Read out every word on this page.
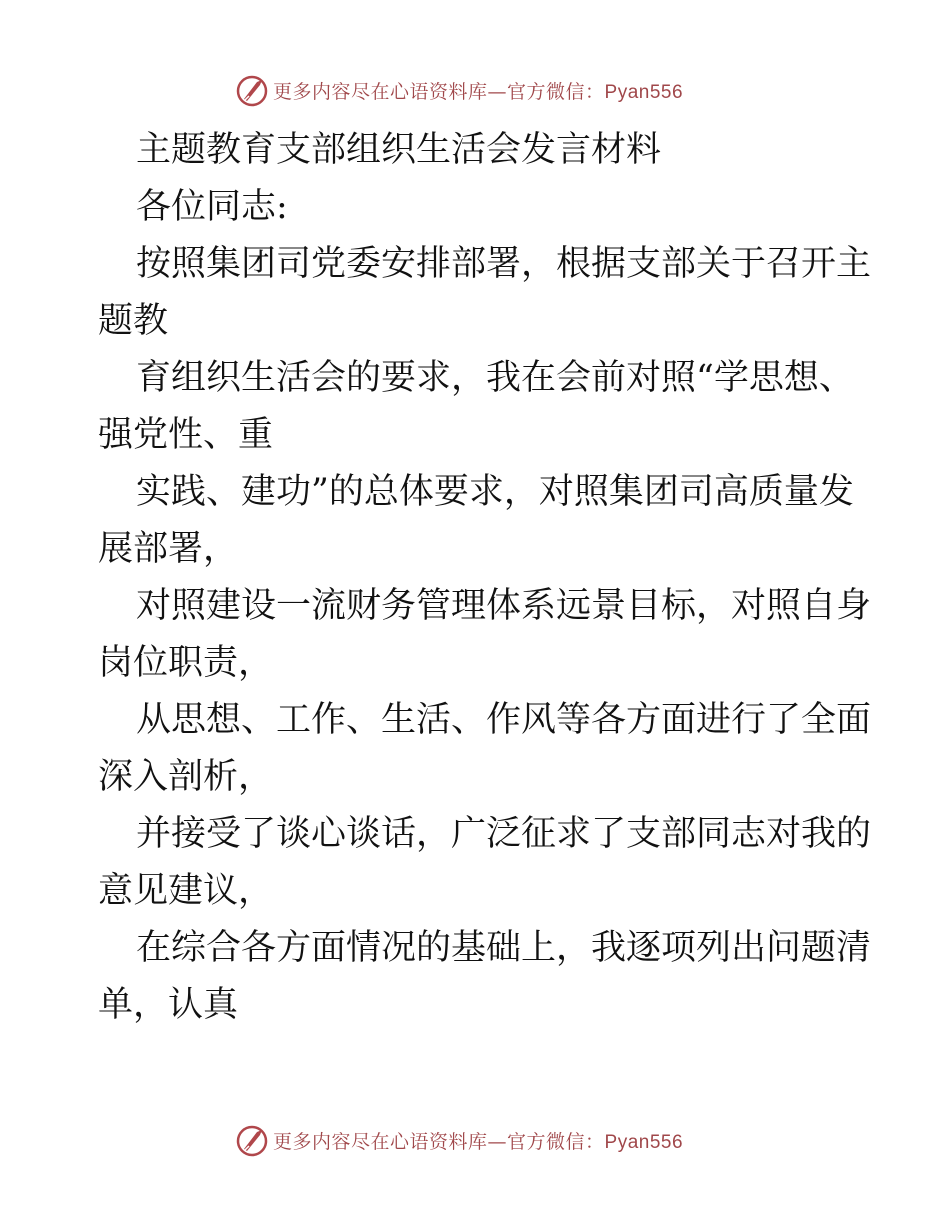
更多内容尽在心语资料库—官方微信：Pyan556
主题教育支部组织生活会发言材料
各位同志:
按照集团司党委安排部署，根据支部关于召开主
题教
育组织生活会的要求，我在会前对照“学思想、
强党性、重
实践、建功”的总体要求，对照集团司高质量发
展部署，
对照建设一流财务管理体系远景目标，对照自身
岗位职责，
从思想、工作、生活、作风等各方面进行了全面
深入剖析，
并接受了谈心谈话，广泛征求了支部同志对我的
意见建议，
在综合各方面情况的基础上，我逐项列出问题清
单，认真
更多内容尽在心语资料库—官方微信：Pyan556
